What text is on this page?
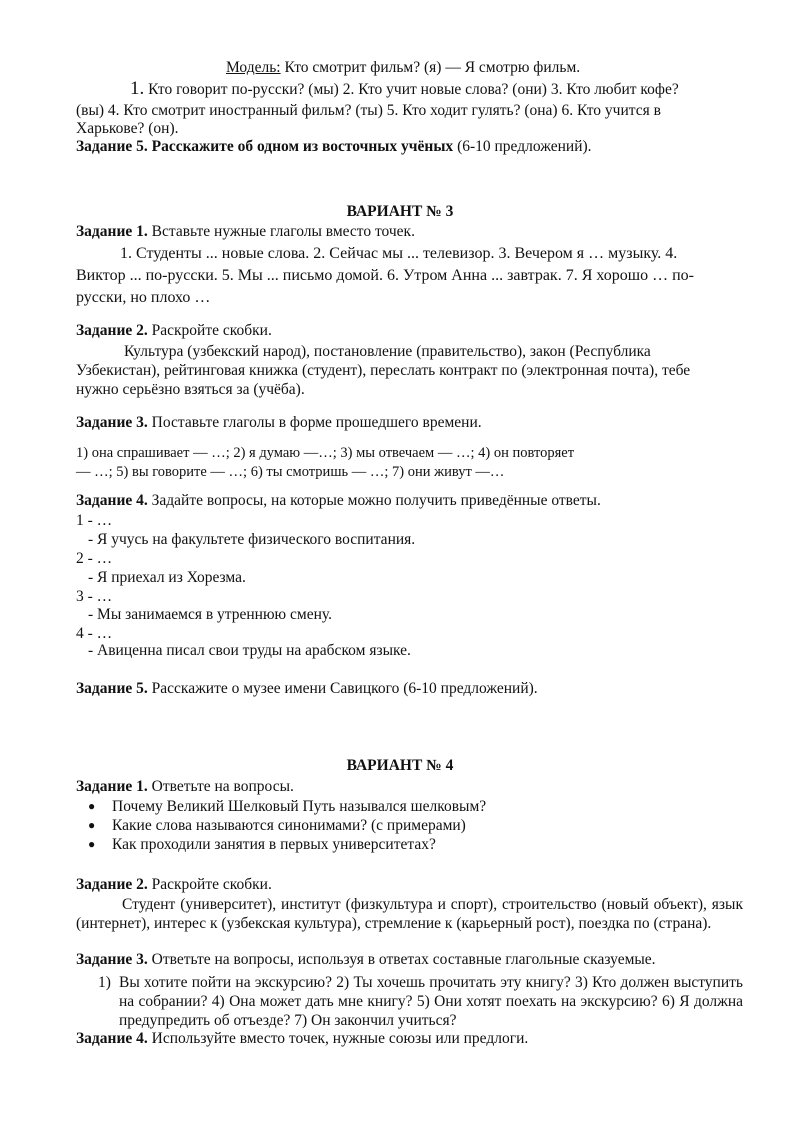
Модель: Кто смотрит фильм? (я) — Я смотрю фильм.
1. Кто говорит по-русски? (мы) 2. Кто учит новые слова? (они) 3. Кто любит кофе?
(вы) 4. Кто смотрит иностранный фильм? (ты) 5. Кто ходит гулять? (она) 6. Кто учится в
Харькове? (он).
Задание 5. Расскажите об одном из восточных учёных (6-10 предложений).
ВАРИАНТ № 3
Задание 1. Вставьте нужные глаголы вместо точек.
1. Студенты ... новые слова. 2. Сейчас мы ... телевизор. 3. Вечером я … музыку. 4.
Виктор ... по-русски. 5. Мы ... письмо домой. 6. Утром Анна ... завтрак. 7. Я хорошо … по-
русски, но плохо …
Задание 2. Раскройте скобки.
Культура (узбекский народ), постановление (правительство), закон (Республика
Узбекистан), рейтинговая книжка (студент), переслать контракт по (электронная почта), тебе
нужно серьёзно взяться за (учёба).
Задание 3. Поставьте глаголы в форме прошедшего времени.
1) она спрашивает — …; 2) я думаю —…; 3) мы отвечаем — …; 4) он повторяет
— …; 5) вы говорите — …; 6) ты смотришь — …; 7) они живут —…
Задание 4. Задайте вопросы, на которые можно получить приведённые ответы.
1 - …
- Я учусь на факультете физического воспитания.
2 - …
- Я приехал из Хорезма.
3 - …
- Мы занимаемся в утреннюю смену.
4 - …
- Авиценна писал свои труды на арабском языке.
Задание 5. Расскажите о музее имени Савицкого (6-10 предложений).
ВАРИАНТ № 4
Задание 1. Ответьте на вопросы.
● Почему Великий Шелковый Путь назывался шелковым?
● Какие слова называются синонимами? (с примерами)
● Как проходили занятия в первых университетах?
Задание 2. Раскройте скобки.
Студент (университет), институт (физкультура и спорт), строительство (новый объект), язык (интернет), интерес к (узбекская культура), стремление к (карьерный рост), поездка по (страна).
Задание 3. Ответьте на вопросы, используя в ответах составные глагольные сказуемые.
1) Вы хотите пойти на экскурсию? 2) Ты хочешь прочитать эту книгу? 3) Кто должен выступить на собрании? 4) Она может дать мне книгу? 5) Они хотят поехать на экскурсию? 6) Я должна предупредить об отъезде? 7) Он закончил учиться?
Задание 4. Используйте вместо точек, нужные союзы или предлоги.
